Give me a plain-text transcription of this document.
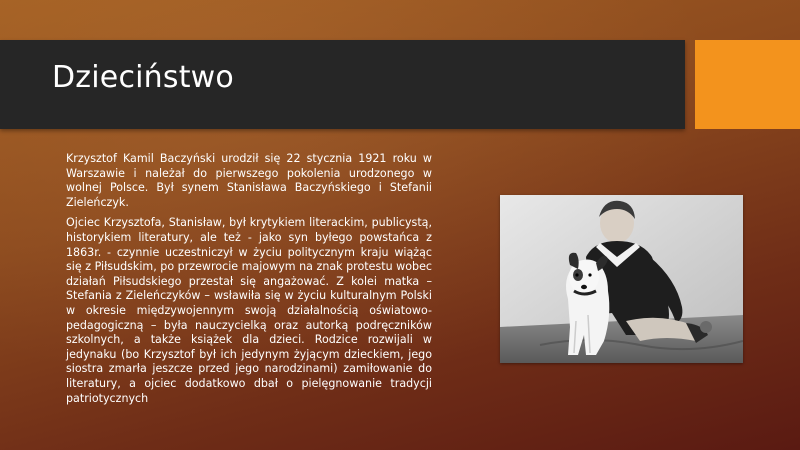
Dzieciństwo

Krzysztof Kamil Baczyński urodził się 22 stycznia 1921 roku w Warszawie i należał do pierwszego pokolenia urodzonego w wolnej Polsce. Był synem Stanisława Baczyńskiego i Stefanii Zieleńczyk.

Ojciec Krzysztofa, Stanisław, był krytykiem literackim, publicystą, historykiem literatury, ale też - jako syn byłego powstańca z 1863r. - czynnie uczestniczył w życiu politycznym kraju wiążąc się z Piłsudskim, po przewrocie majowym na znak protestu wobec działań Piłsudskiego przestał się angażować. Z kolei matka – Stefania z Zieleńczyków – wsławiła się w życiu kulturalnym Polski w okresie międzywojennym swoją działalnością oświatowo-pedagogiczną – była nauczycielką oraz autorką podręczników szkolnych, a także książek dla dzieci. Rodzice rozwijali w jedynaku (bo Krzysztof był ich jedynym żyjącym dzieckiem, jego siostra zmarła jeszcze przed jego narodzinami) zamiłowanie do literatury, a ojciec dodatkowo dbał o pielęgnowanie tradycji patriotycznych
